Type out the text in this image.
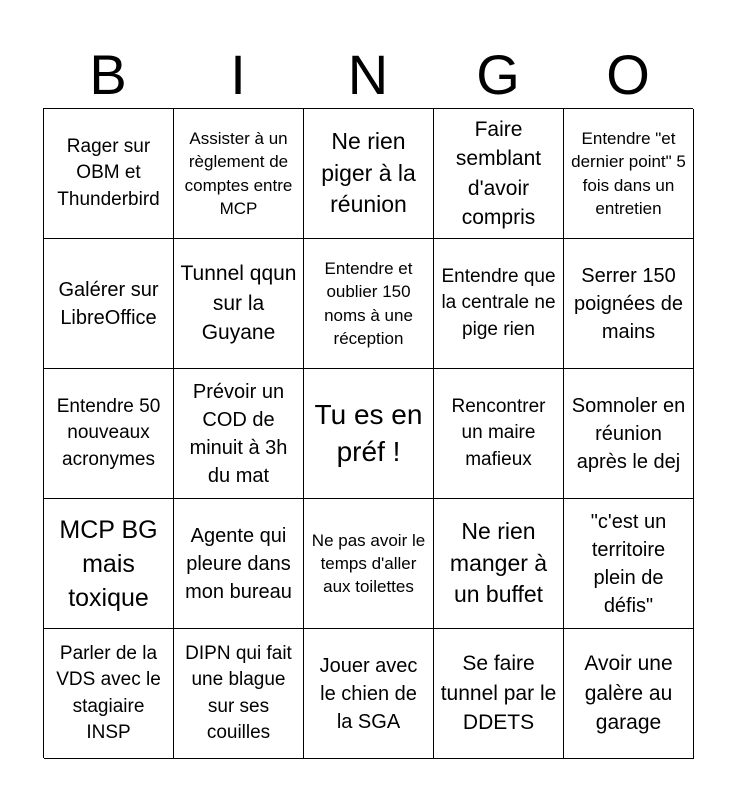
B	I	N	G	O
Rager sur OBM et Thunderbird
Assister à un règlement de comptes entre MCP
Ne rien piger à la réunion
Faire semblant d'avoir compris
Entendre "et dernier point" 5 fois dans un entretien
Galérer sur LibreOffice
Tunnel qqun sur la Guyane
Entendre et oublier 150 noms à une réception
Entendre que la centrale ne pige rien
Serrer 150 poignées de mains
Entendre 50 nouveaux acronymes
Prévoir un COD de minuit à 3h du mat
Tu es en préf !
Rencontrer un maire mafieux
Somnoler en réunion après le dej
MCP BG mais toxique
Agente qui pleure dans mon bureau
Ne pas avoir le temps d'aller aux toilettes
Ne rien manger à un buffet
"c'est un territoire plein de défis"
Parler de la VDS avec le stagiaire INSP
DIPN qui fait une blague sur ses couilles
Jouer avec le chien de la SGA
Se faire tunnel par le DDETS
Avoir une galère au garage
